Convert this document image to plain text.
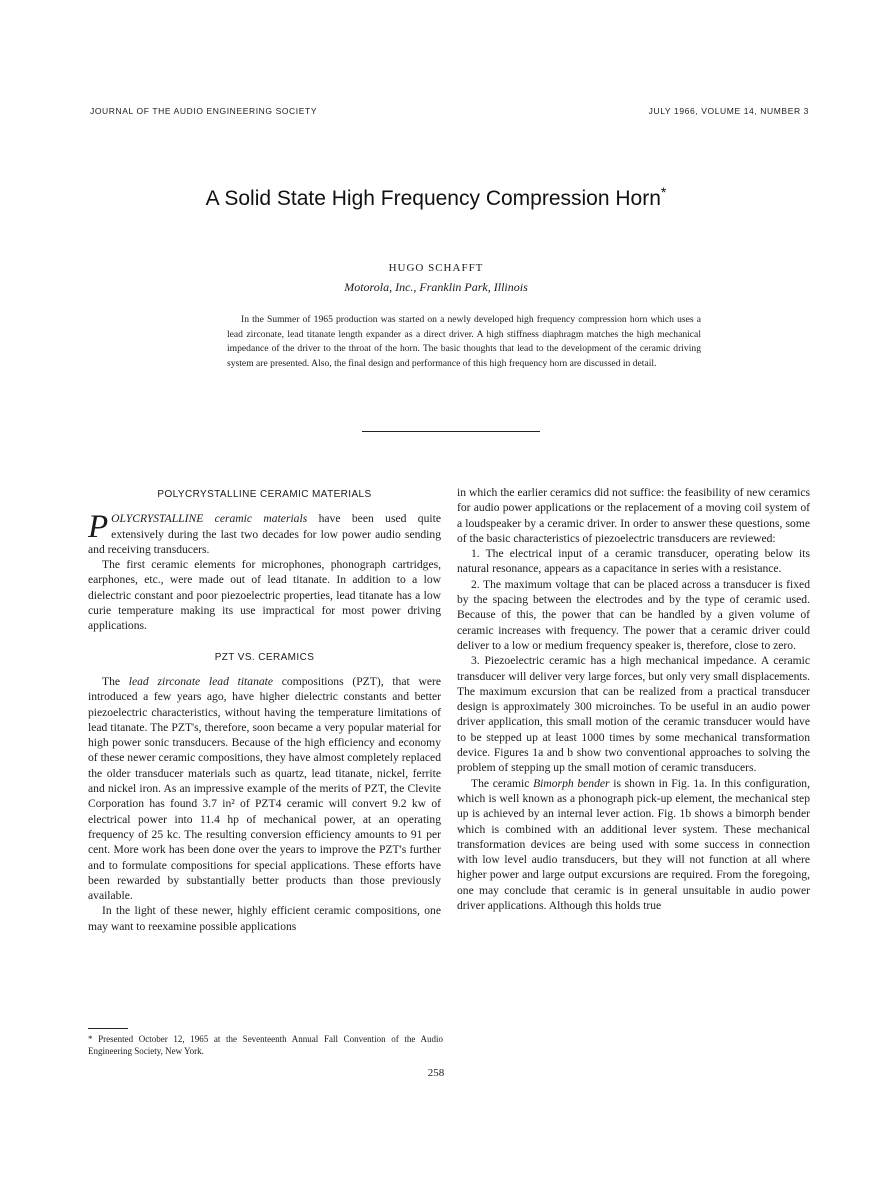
JOURNAL OF THE AUDIO ENGINEERING SOCIETY	JULY 1966, VOLUME 14, NUMBER 3
A Solid State High Frequency Compression Horn*
HUGO SCHAFFT
Motorola, Inc., Franklin Park, Illinois

In the Summer of 1965 production was started on a newly developed high frequency compression horn which uses a lead zirconate, lead titanate length expander as a direct driver. A high stiffness diaphragm matches the high mechanical impedance of the driver to the throat of the horn. The basic thoughts that lead to the development of the ceramic driving system are presented. Also, the final design and performance of this high frequency horn are discussed in detail.

POLYCRYSTALLINE CERAMIC MATERIALS

POLYCRYSTALLINE ceramic materials have been used quite extensively during the last two decades for low power audio sending and receiving transducers.

The first ceramic elements for microphones, phonograph cartridges, earphones, etc., were made out of lead titanate. In addition to a low dielectric constant and poor piezoelectric properties, lead titanate has a low curie temperature making its use impractical for most power driving applications.

PZT VS. CERAMICS

The lead zirconate lead titanate compositions (PZT), that were introduced a few years ago, have higher dielectric constants and better piezoelectric characteristics, without having the temperature limitations of lead titanate. The PZT's, therefore, soon became a very popular material for high power sonic transducers. Because of the high efficiency and economy of these newer ceramic compositions, they have almost completely replaced the older transducer materials such as quartz, lead titanate, nickel, ferrite and nickel iron. As an impressive example of the merits of PZT, the Clevite Corporation has found 3.7 in² of PZT4 ceramic will convert 9.2 kw of electrical power into 11.4 hp of mechanical power, at an operating frequency of 25 kc. The resulting conversion efficiency amounts to 91 per cent. More work has been done over the years to improve the PZT's further and to formulate compositions for special applications. These efforts have been rewarded by substantially better products than those previously available.

In the light of these newer, highly efficient ceramic compositions, one may want to reexamine possible applications

in which the earlier ceramics did not suffice: the feasibility of new ceramics for audio power applications or the replacement of a moving coil system of a loudspeaker by a ceramic driver. In order to answer these questions, some of the basic characteristics of piezoelectric transducers are reviewed:

1. The electrical input of a ceramic transducer, operating below its natural resonance, appears as a capacitance in series with a resistance.

2. The maximum voltage that can be placed across a transducer is fixed by the spacing between the electrodes and by the type of ceramic used. Because of this, the power that can be handled by a given volume of ceramic increases with frequency. The power that a ceramic driver could deliver to a low or medium frequency speaker is, therefore, close to zero.

3. Piezoelectric ceramic has a high mechanical impedance. A ceramic transducer will deliver very large forces, but only very small displacements. The maximum excursion that can be realized from a practical transducer design is approximately 300 microinches. To be useful in an audio power driver application, this small motion of the ceramic transducer would have to be stepped up at least 1000 times by some mechanical transformation device. Figures 1a and b show two conventional approaches to solving the problem of stepping up the small motion of ceramic transducers.

The ceramic Bimorph bender is shown in Fig. 1a. In this configuration, which is well known as a phonograph pick-up element, the mechanical step up is achieved by an internal lever action. Fig. 1b shows a bimorph bender which is combined with an additional lever system. These mechanical transformation devices are being used with some success in connection with low level audio transducers, but they will not function at all where higher power and large output excursions are required. From the foregoing, one may conclude that ceramic is in general unsuitable in audio power driver applications. Although this holds true

* Presented October 12, 1965 at the Seventeenth Annual Fall Convention of the Audio Engineering Society, New York.
258
